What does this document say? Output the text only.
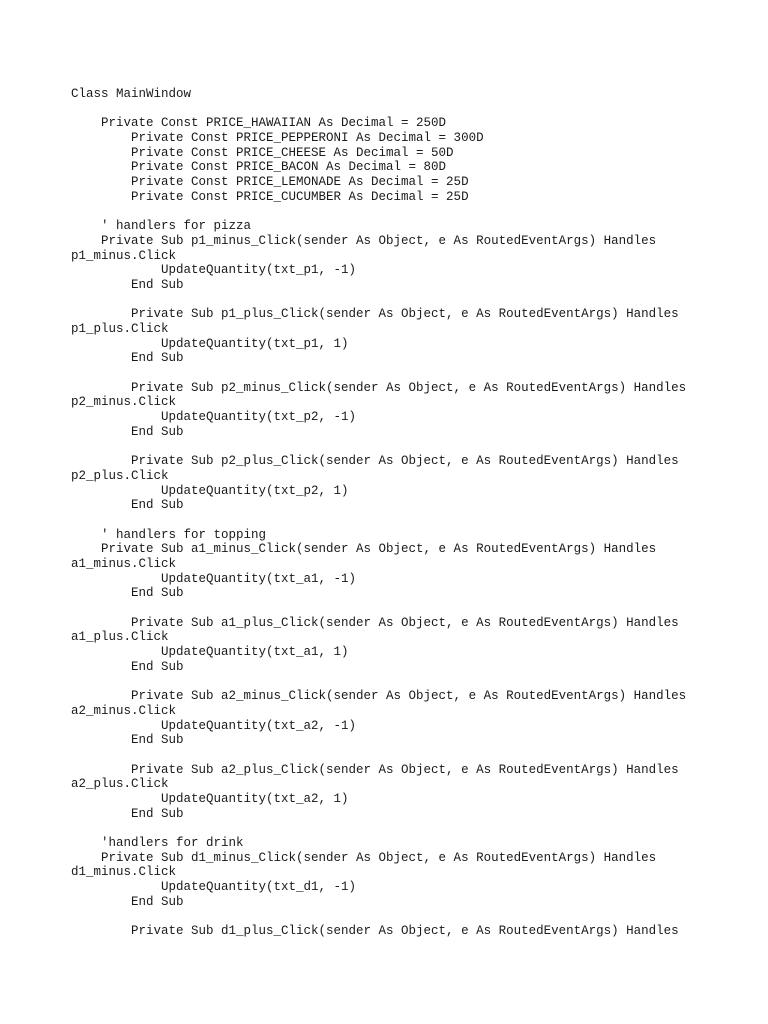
Class MainWindow
Private Const PRICE_HAWAIIAN As Decimal = 250D
Private Const PRICE_PEPPERONI As Decimal = 300D
Private Const PRICE_CHEESE As Decimal = 50D
Private Const PRICE_BACON As Decimal = 80D
Private Const PRICE_LEMONADE As Decimal = 25D
Private Const PRICE_CUCUMBER As Decimal = 25D
' handlers for pizza
Private Sub p1_minus_Click(sender As Object, e As RoutedEventArgs) Handles
p1_minus.Click
UpdateQuantity(txt_p1, -1)
End Sub
Private Sub p1_plus_Click(sender As Object, e As RoutedEventArgs) Handles
p1_plus.Click
UpdateQuantity(txt_p1, 1)
End Sub
Private Sub p2_minus_Click(sender As Object, e As RoutedEventArgs) Handles
p2_minus.Click
UpdateQuantity(txt_p2, -1)
End Sub
Private Sub p2_plus_Click(sender As Object, e As RoutedEventArgs) Handles
p2_plus.Click
UpdateQuantity(txt_p2, 1)
End Sub
' handlers for topping
Private Sub a1_minus_Click(sender As Object, e As RoutedEventArgs) Handles
a1_minus.Click
UpdateQuantity(txt_a1, -1)
End Sub
Private Sub a1_plus_Click(sender As Object, e As RoutedEventArgs) Handles
a1_plus.Click
UpdateQuantity(txt_a1, 1)
End Sub
Private Sub a2_minus_Click(sender As Object, e As RoutedEventArgs) Handles
a2_minus.Click
UpdateQuantity(txt_a2, -1)
End Sub
Private Sub a2_plus_Click(sender As Object, e As RoutedEventArgs) Handles
a2_plus.Click
UpdateQuantity(txt_a2, 1)
End Sub
'handlers for drink
Private Sub d1_minus_Click(sender As Object, e As RoutedEventArgs) Handles
d1_minus.Click
UpdateQuantity(txt_d1, -1)
End Sub
Private Sub d1_plus_Click(sender As Object, e As RoutedEventArgs) Handles
